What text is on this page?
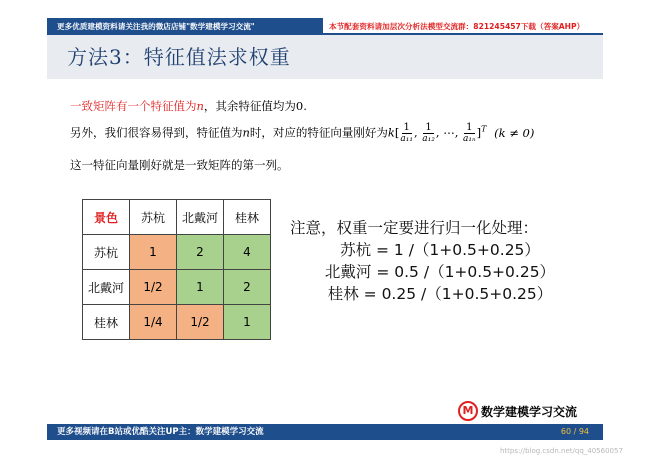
更多优质建模资料请关注我的微店店铺"数学建模学习交流"	本节配套资料请加层次分析法模型交流群：821245457下载（答案AHP）
方法3：特征值法求权重
一致矩阵有一个特征值为n，其余特征值均为0.
另外，我们很容易得到，特征值为n时，对应的特征向量刚好为$k[ \frac{1}{\text{a₁₁}}$ , $\frac{1}{\text{a₁₂}}$ , ⋯, $\frac{1}{\text{a₁ₙ}} ]^T$ (k ≠ 0)
这一特征向量刚好就是一致矩阵的第一列。
景色	苏杭	北戴河	桂林
苏杭	1	2	4
北戴河	1/2	1	2
桂林	1/4	1/2	1
注意，权重一定要进行归一化处理：
苏杭 = 1 /（1+0.5+0.25）
北戴河 = 0.5 /（1+0.5+0.25）
桂林 = 0.25 /（1+0.5+0.25）
M 数学建模学习交流
更多视频请在B站或优酷关注UP主：数学建模学习交流	60 / 94
https://blog.csdn.net/qq_40560057
